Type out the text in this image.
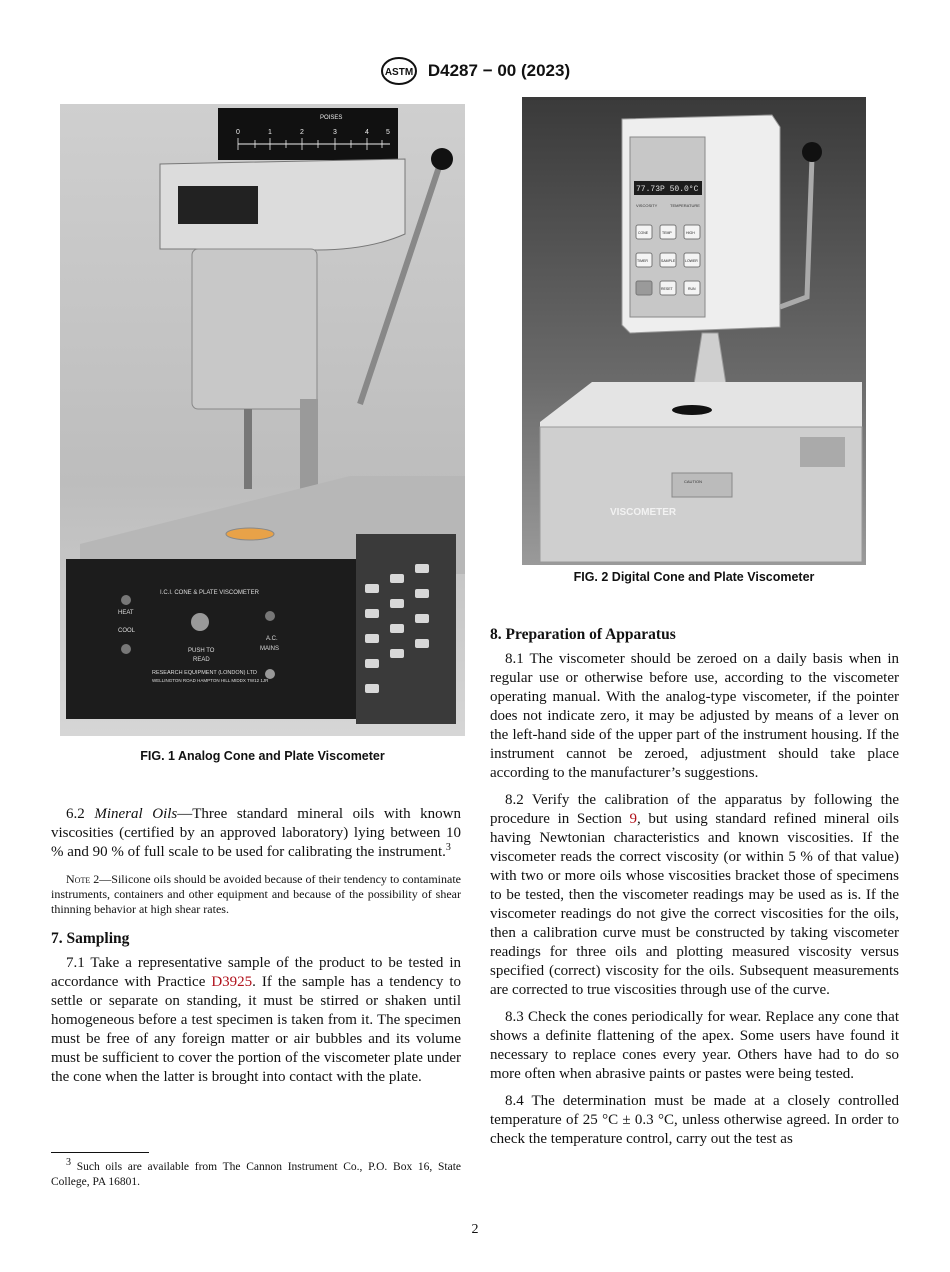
ASTM D4287 − 00 (2023)
POISES
0	1	2	3	4 5
I.C.I. CONE & PLATE VISCOMETER
HEAT
COOL
PUSH TO
READ
A.C.
MAINS
RESEARCH EQUIPMENT (LONDON) LTD
WELLINGTON ROAD HAMPTON HILL MIDDX TW12 1JR
FIG. 1 Analog Cone and Plate Viscometer
77.73P 50.0°C
VISCOSITY	TEMPERATURE
CONE	TEMP	HIGH
TIMER	SAMPLE	LOWER
RESET	RUN
CAUTION
VISCOMETER
FIG. 2 Digital Cone and Plate Viscometer

6.2 Mineral Oils—Three standard mineral oils with known viscosities (certified by an approved laboratory) lying between 10 % and 90 % of full scale to be used for calibrating the instrument.$^3$

Note 2—Silicone oils should be avoided because of their tendency to contaminate instruments, containers and other equipment and because of the possibility of shear thinning behavior at high shear rates.
7. Sampling

7.1 Take a representative sample of the product to be tested in accordance with Practice D3925. If the sample has a tendency to settle or separate on standing, it must be stirred or shaken until homogeneous before a test specimen is taken from it. The specimen must be free of any foreign matter or air bubbles and its volume must be sufficient to cover the portion of the viscometer plate under the cone when the latter is brought into contact with the plate.

8. Preparation of Apparatus

8.1 The viscometer should be zeroed on a daily basis when in regular use or otherwise before use, according to the viscometer operating manual. With the analog-type viscometer, if the pointer does not indicate zero, it may be adjusted by means of a lever on the left-hand side of the upper part of the instrument housing. If the instrument cannot be zeroed, adjustment should take place according to the manufacturer’s suggestions.

8.2 Verify the calibration of the apparatus by following the procedure in Section 9, but using standard refined mineral oils having Newtonian characteristics and known viscosities. If the viscometer reads the correct viscosity (or within 5 % of that value) with two or more oils whose viscosities bracket those of specimens to be tested, then the viscometer readings may be used as is. If the viscometer readings do not give the correct viscosities for the oils, then a calibration curve must be constructed by taking viscometer readings for three oils and plotting measured viscosity versus specified (correct) viscosity for the oils. Subsequent measurements are corrected to true viscosities through use of the curve.

8.3 Check the cones periodically for wear. Replace any cone that shows a definite flattening of the apex. Some users have found it necessary to replace cones every year. Others have had to do so more often when abrasive paints or pastes were being tested.

8.4 The determination must be made at a closely controlled temperature of 25 °C ± 0.3 °C, unless otherwise agreed. In order to check the temperature control, carry out the test as

$^3$ Such oils are available from The Cannon Instrument Co., P.O. Box 16, State College, PA 16801.
2
